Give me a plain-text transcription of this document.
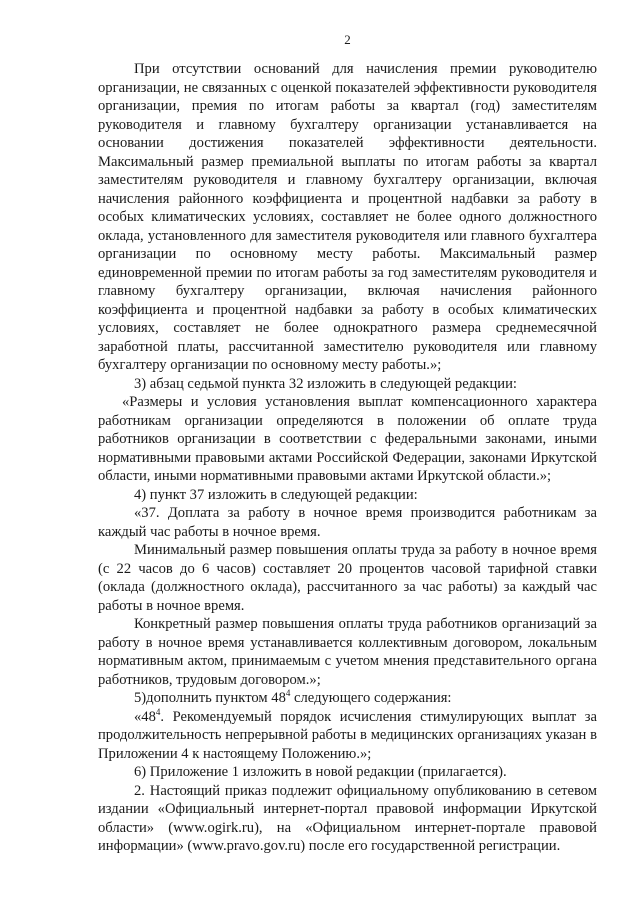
2

При отсутствии оснований для начисления премии руководителю организации, не связанных с оценкой показателей эффективности руководителя организации, премия по итогам работы за квартал (год) заместителям руководителя и главному бухгалтеру организации устанавливается на основании достижения показателей эффективности деятельности. Максимальный размер премиальной выплаты по итогам работы за квартал заместителям руководителя и главному бухгалтеру организации, включая начисления районного коэффициента и процентной надбавки за работу в особых климатических условиях, составляет не более одного должностного оклада, установленного для заместителя руководителя или главного бухгалтера организации по основному месту работы. Максимальный размер единовременной премии по итогам работы за год заместителям руководителя и главному бухгалтеру организации, включая начисления районного коэффициента и процентной надбавки за работу в особых климатических условиях, составляет не более однократного размера среднемесячной заработной платы, рассчитанной заместителю руководителя или главному бухгалтеру организации по основному месту работы.»;

3) абзац седьмой пункта 32 изложить в следующей редакции:

«Размеры и условия установления выплат компенсационного характера работникам организации определяются в положении об оплате труда работников организации в соответствии с федеральными законами, иными нормативными правовыми актами Российской Федерации, законами Иркутской области, иными нормативными правовыми актами Иркутской области.»;

4) пункт 37 изложить в следующей редакции:

«37. Доплата за работу в ночное время производится работникам за каждый час работы в ночное время.

Минимальный размер повышения оплаты труда за работу в ночное время (с 22 часов до 6 часов) составляет 20 процентов часовой тарифной ставки (оклада (должностного оклада), рассчитанного за час работы) за каждый час работы в ночное время.

Конкретный размер повышения оплаты труда работников организаций за работу в ночное время устанавливается коллективным договором, локальным нормативным актом, принимаемым с учетом мнения представительного органа работников, трудовым договором.»;

5)дополнить пунктом $48^4$ следующего содержания:

«$48^4$. Рекомендуемый порядок исчисления стимулирующих выплат за продолжительность непрерывной работы в медицинских организациях указан в Приложении 4 к настоящему Положению.»;

6) Приложение 1 изложить в новой редакции (прилагается).

2. Настоящий приказ подлежит официальному опубликованию в сетевом издании «Официальный интернет-портал правовой информации Иркутской области» (www.ogirk.ru), на «Официальном интернет-портале правовой информации» (www.pravo.gov.ru) после его государственной регистрации.
